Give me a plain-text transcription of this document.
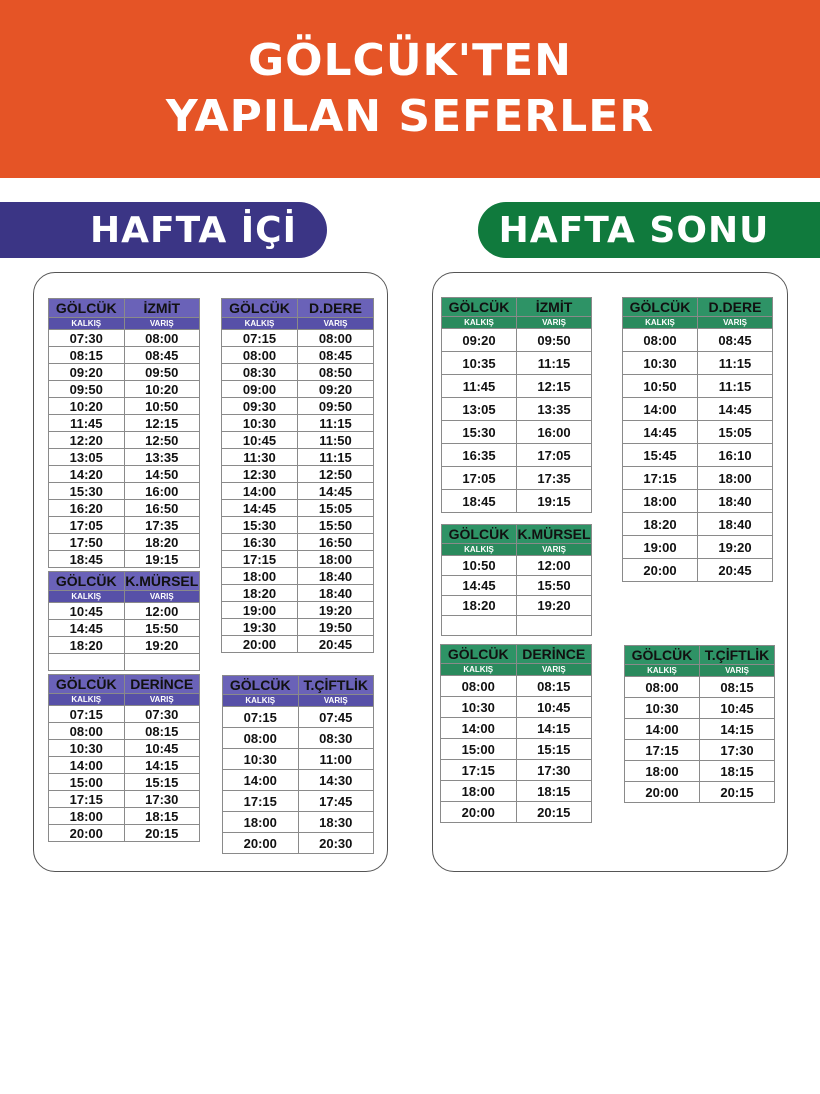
GÖLCÜK'TEN
YAPILAN SEFERLER
HAFTA İÇİ	HAFTA SONU
GÖLCÜK	İZMİT
KALKIŞ	VARIŞ
07:30	08:00
08:15	08:45
09:20	09:50
09:50	10:20
10:20	10:50
11:45	12:15
12:20	12:50
13:05	13:35
14:20	14:50
15:30	16:00
16:20	16:50
17:05	17:35
17:50	18:20
18:45	19:15
GÖLCÜK	K.MÜRSEL
KALKIŞ	VARIŞ
10:45	12:00
14:45	15:50
18:20	19:20

GÖLCÜK	DERİNCE
KALKIŞ	VARIŞ
07:15	07:30
08:00	08:15
10:30	10:45
14:00	14:15
15:00	15:15
17:15	17:30
18:00	18:15
20:00	20:15
GÖLCÜK	D.DERE
KALKIŞ	VARIŞ
07:15	08:00
08:00	08:45
08:30	08:50
09:00	09:20
09:30	09:50
10:30	11:15
10:45	11:50
11:30	11:15
12:30	12:50
14:00	14:45
14:45	15:05
15:30	15:50
16:30	16:50
17:15	18:00
18:00	18:40
18:20	18:40
19:00	19:20
19:30	19:50
20:00	20:45
GÖLCÜK	T.ÇİFTLİK
KALKIŞ	VARIŞ
07:15	07:45
08:00	08:30
10:30	11:00
14:00	14:30
17:15	17:45
18:00	18:30
20:00	20:30
GÖLCÜK	İZMİT
KALKIŞ	VARIŞ
09:20	09:50
10:35	11:15
11:45	12:15
13:05	13:35
15:30	16:00
16:35	17:05
17:05	17:35
18:45	19:15
GÖLCÜK	K.MÜRSEL
KALKIŞ	VARIŞ
10:50	12:00
14:45	15:50
18:20	19:20

GÖLCÜK	DERİNCE
KALKIŞ	VARIŞ
08:00	08:15
10:30	10:45
14:00	14:15
15:00	15:15
17:15	17:30
18:00	18:15
20:00	20:15
GÖLCÜK	D.DERE
KALKIŞ	VARIŞ
08:00	08:45
10:30	11:15
10:50	11:15
14:00	14:45
14:45	15:05
15:45	16:10
17:15	18:00
18:00	18:40
18:20	18:40
19:00	19:20
20:00	20:45
GÖLCÜK	T.ÇİFTLİK
KALKIŞ	VARIŞ
08:00	08:15
10:30	10:45
14:00	14:15
17:15	17:30
18:00	18:15
20:00	20:15
